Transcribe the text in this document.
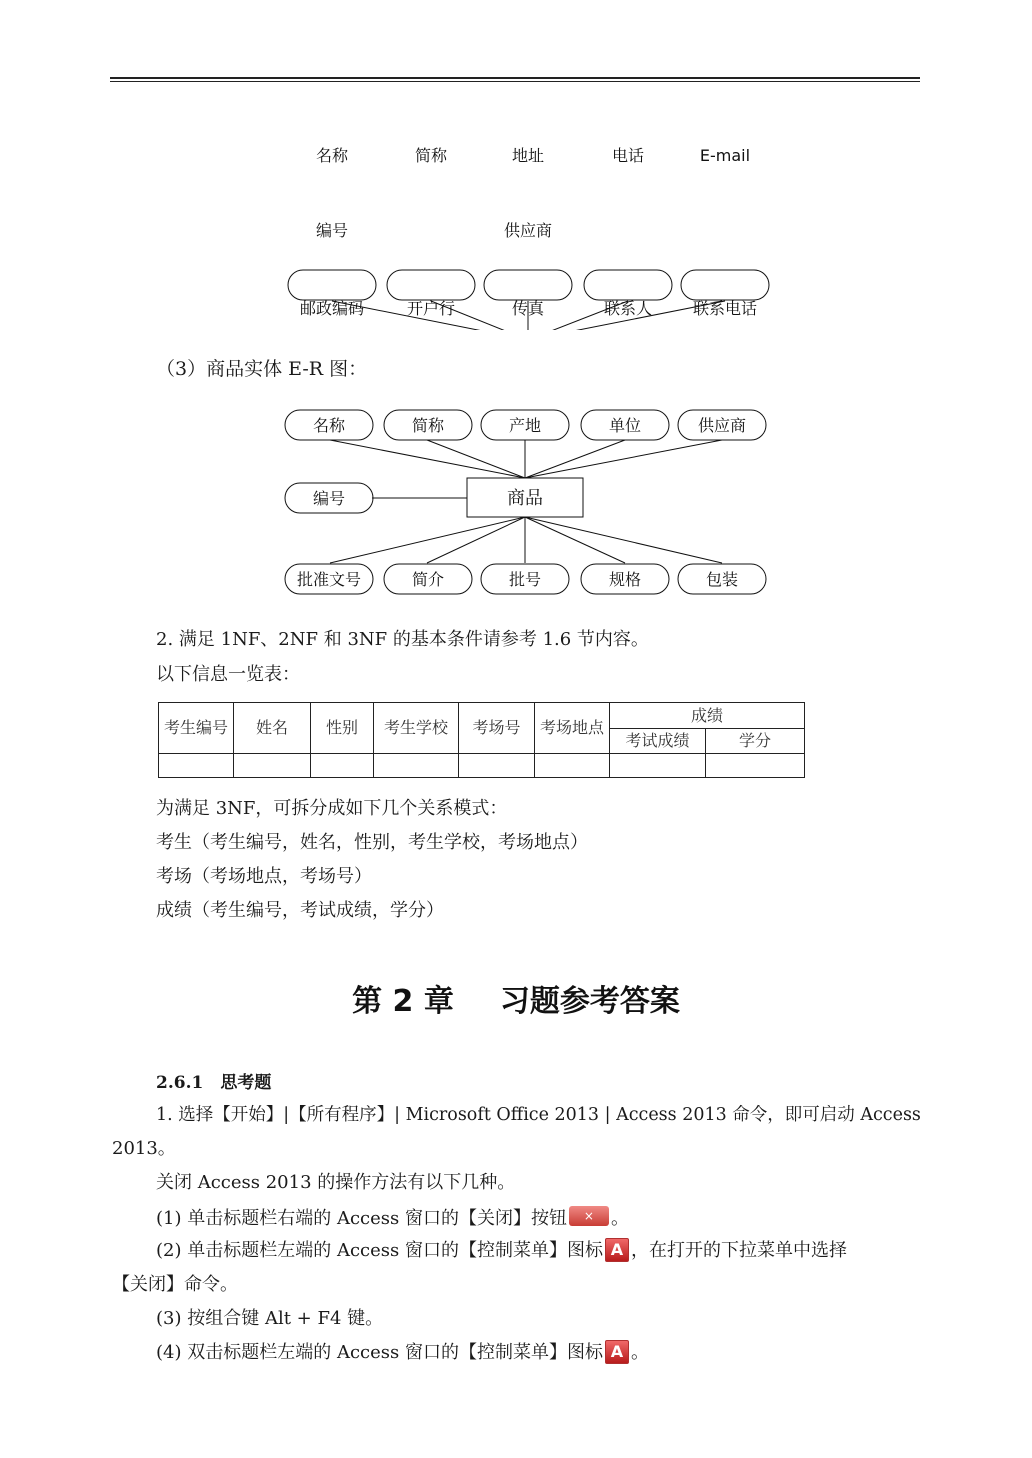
名称	简称	地址	电话	E-mail
编号	供应商
邮政编码	开户行	传真	联系人	联系电话
（3）商品实体 E-R 图：
名称	简称	产地	单位	供应商
编号	商品
批准文号	简介	批号	规格	包装
2. 满足 1NF、2NF 和 3NF 的基本条件请参考 1.6 节内容。
以下信息一览表：
考生编号	姓名	性别	考生学校	考场号	考场地点	成绩	
						考试成绩	学分

为满足 3NF，可拆分成如下几个关系模式：
考生（考生编号，姓名，性别，考生学校，考场地点）
考场（考场地点，考场号）
成绩（考生编号，考试成绩，学分）
第 2 章 习题参考答案
2.6.1　思考题
1. 选择【开始】|【所有程序】| Microsoft Office 2013 | Access 2013 命令，即可启动 Access
2013。
关闭 Access 2013 的操作方法有以下几种。
(1) 单击标题栏右端的 Access 窗口的【关闭】按钮 × 。
(2) 单击标题栏左端的 Access 窗口的【控制菜单】图标 A ，在打开的下拉菜单中选择
【关闭】命令。
(3) 按组合键 Alt + F4 键。
(4) 双击标题栏左端的 Access 窗口的【控制菜单】图标 A 。
